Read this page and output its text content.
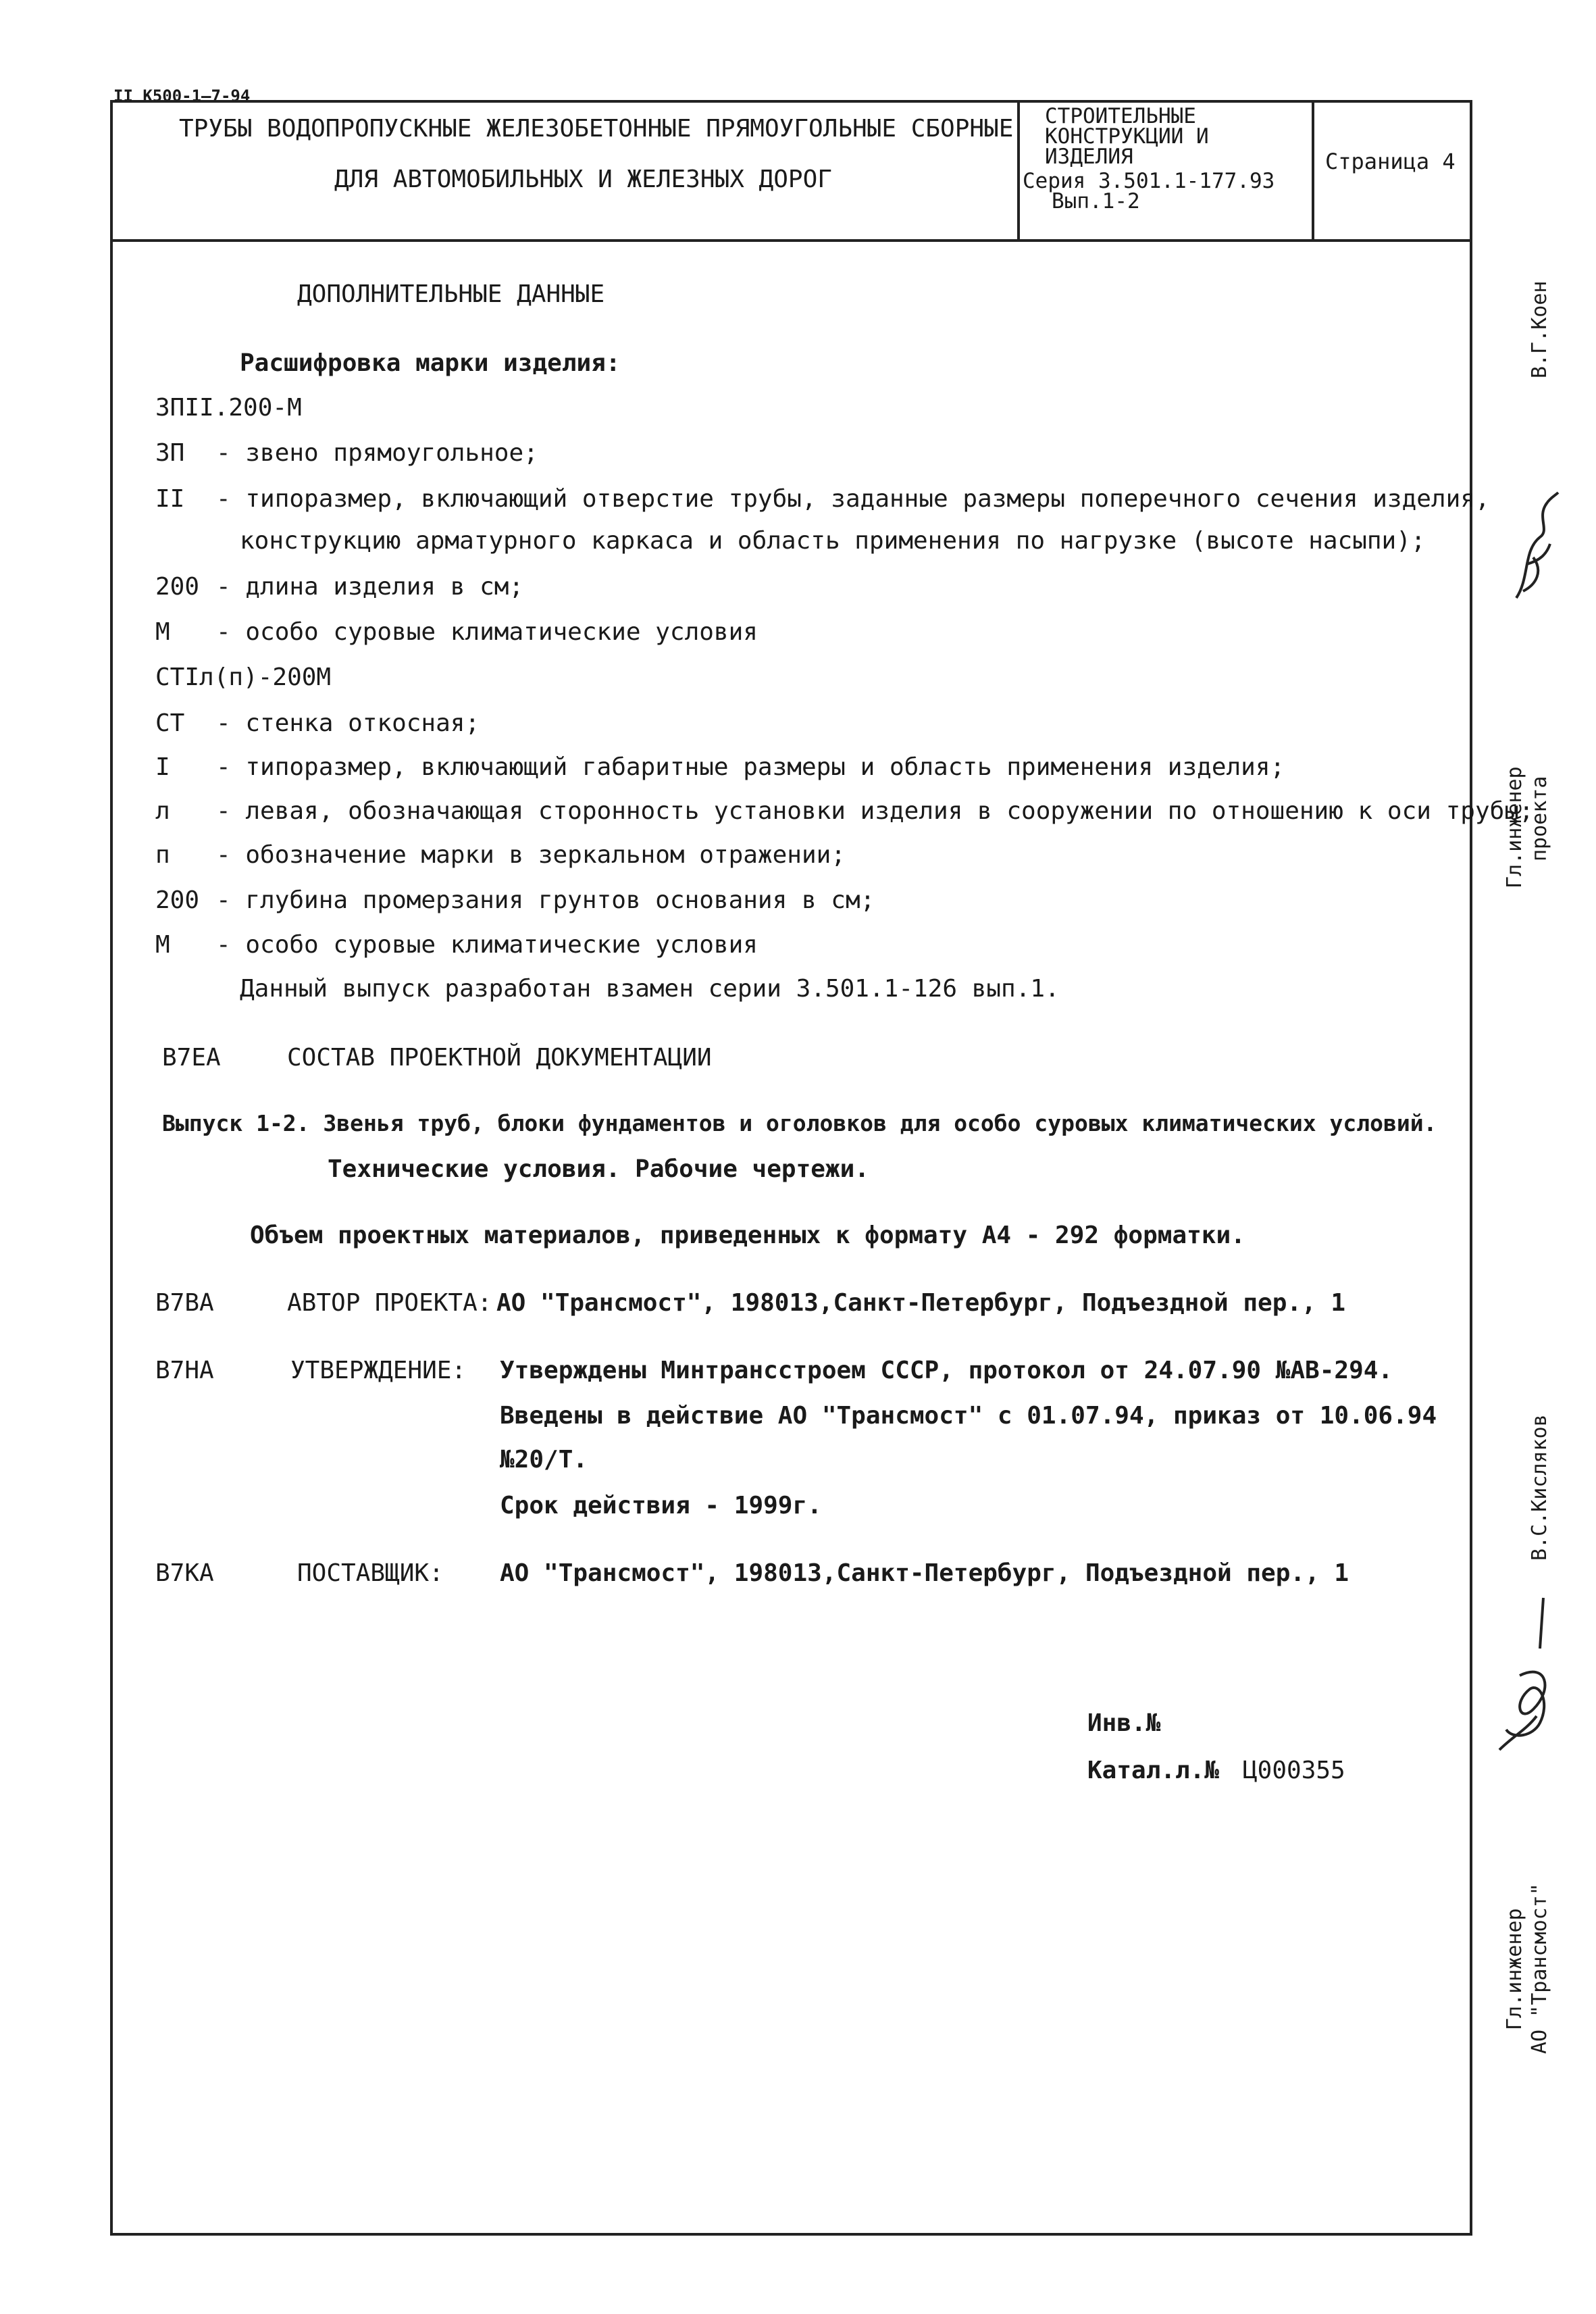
II K500-1—7-94
ТРУБЫ ВОДОПРОПУСКНЫЕ ЖЕЛЕЗОБЕТОННЫЕ ПРЯМОУГОЛЬНЫЕ СБОРНЫЕ
ДЛЯ АВТОМОБИЛЬНЫХ И ЖЕЛЕЗНЫХ ДОРОГ
СТРОИТЕЛЬНЫЕ
КОНСТРУКЦИИ И
ИЗДЕЛИЯ
Серия 3.501.1-177.93
Вып.1-2
Страница 4
ДОПОЛНИТЕЛЬНЫЕ ДАННЫЕ
Расшифровка марки изделия:
ЗПII.200-М
ЗП - звено прямоугольное;
II - типоразмер, включающий отверстие трубы, заданные размеры поперечного сечения изделия,
конструкцию арматурного каркаса и область применения по нагрузке (высоте насыпи);
200 - длина изделия в см;
М - особо суровые климатические условия
СТIл(п)-200М
СТ - стенка откосная;
I - типоразмер, включающий габаритные размеры и область применения изделия;
л - левая, обозначающая сторонность установки изделия в сооружении по отношению к оси трубы;
п - обозначение марки в зеркальном отражении;
200 - глубина промерзания грунтов основания в см;
М - особо суровые климатические условия
Данный выпуск разработан взамен серии 3.501.1-126 вып.1.
В7ЕА	СОСТАВ ПРОЕКТНОЙ ДОКУМЕНТАЦИИ
Выпуск 1-2. Звенья труб, блоки фундаментов и оголовков для особо суровых климатических условий.
Технические условия. Рабочие чертежи.
Объем проектных материалов, приведенных к формату А4 - 292 форматки.
В7ВА	АВТОР ПРОЕКТА: АО "Трансмост", 198013,Санкт-Петербург, Подъездной пер., 1
В7НА	УТВЕРЖДЕНИЕ: Утверждены Минтрансстроем СССР, протокол от 24.07.90 №АВ-294.
Введены в действие АО "Трансмост" с 01.07.94, приказ от 10.06.94
№20/Т.
Срок действия - 1999г.
В7КА	ПОСТАВЩИК: АО "Трансмост", 198013,Санкт-Петербург, Подъездной пер., 1
Инв.№
Катал.л.№ Ц000355
В.Г.Коен
Гл.инженер проекта
В.С.Кисляков
Гл.инженер АО "Трансмост"
